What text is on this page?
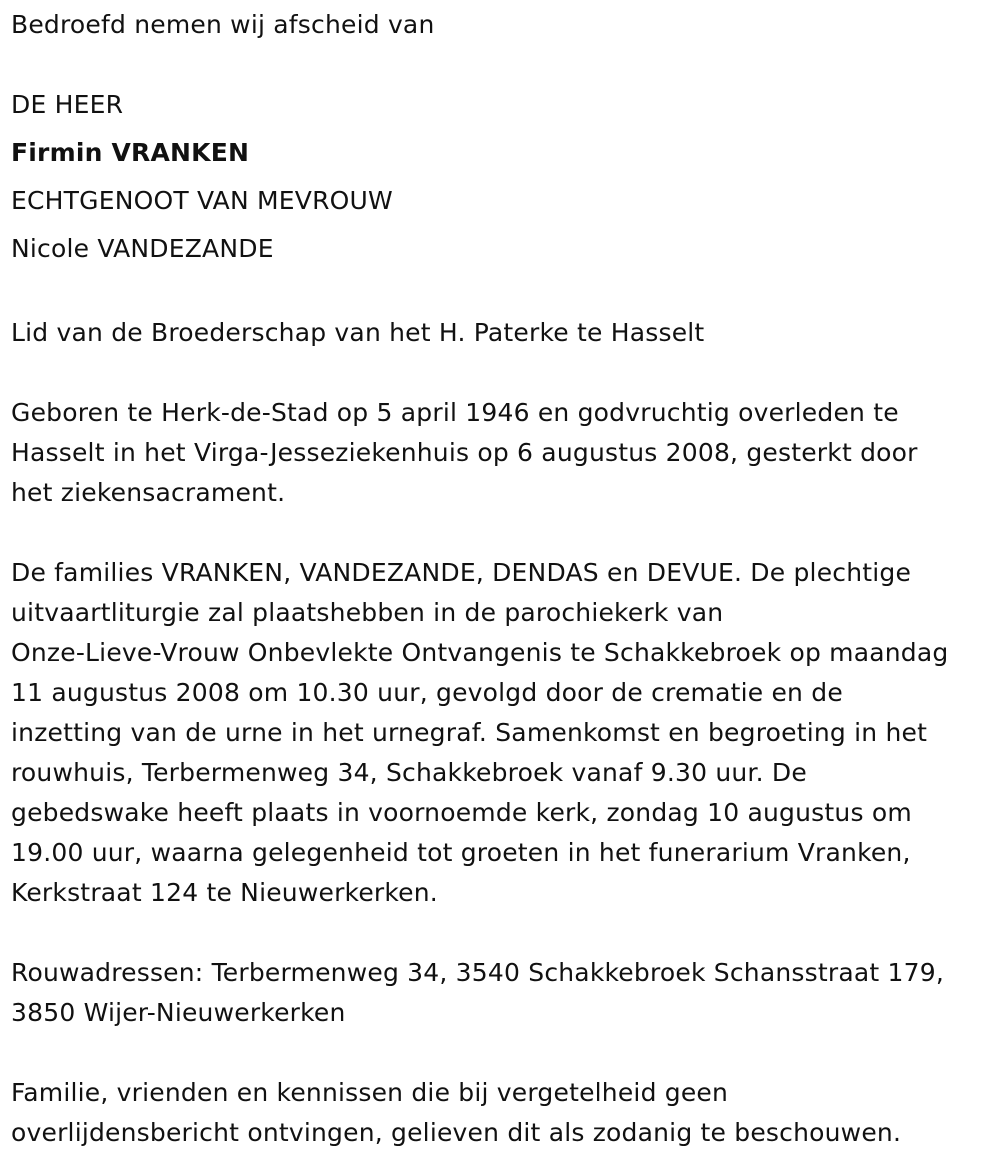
Bedroefd nemen wij afscheid van

DE HEER

Firmin VRANKEN

ECHTGENOOT VAN MEVROUW

Nicole VANDEZANDE

Lid van de Broederschap van het H. Paterke te Hasselt

Geboren te Herk-de-Stad op 5 april 1946 en godvruchtig overleden te

Hasselt in het Virga-Jesseziekenhuis op 6 augustus 2008, gesterkt door

het ziekensacrament.

De families VRANKEN, VANDEZANDE, DENDAS en DEVUE. De plechtige

uitvaartliturgie zal plaatshebben in de parochiekerk van

Onze-Lieve-Vrouw Onbevlekte Ontvangenis te Schakkebroek op maandag

11 augustus 2008 om 10.30 uur, gevolgd door de crematie en de

inzetting van de urne in het urnegraf. Samenkomst en begroeting in het

rouwhuis, Terbermenweg 34, Schakkebroek vanaf 9.30 uur. De

gebedswake heeft plaats in voornoemde kerk, zondag 10 augustus om

19.00 uur, waarna gelegenheid tot groeten in het funerarium Vranken,

Kerkstraat 124 te Nieuwerkerken.

Rouwadressen: Terbermenweg 34, 3540 Schakkebroek Schansstraat 179,

3850 Wijer-Nieuwerkerken

Familie, vrienden en kennissen die bij vergetelheid geen

overlijdensbericht ontvingen, gelieven dit als zodanig te beschouwen.
